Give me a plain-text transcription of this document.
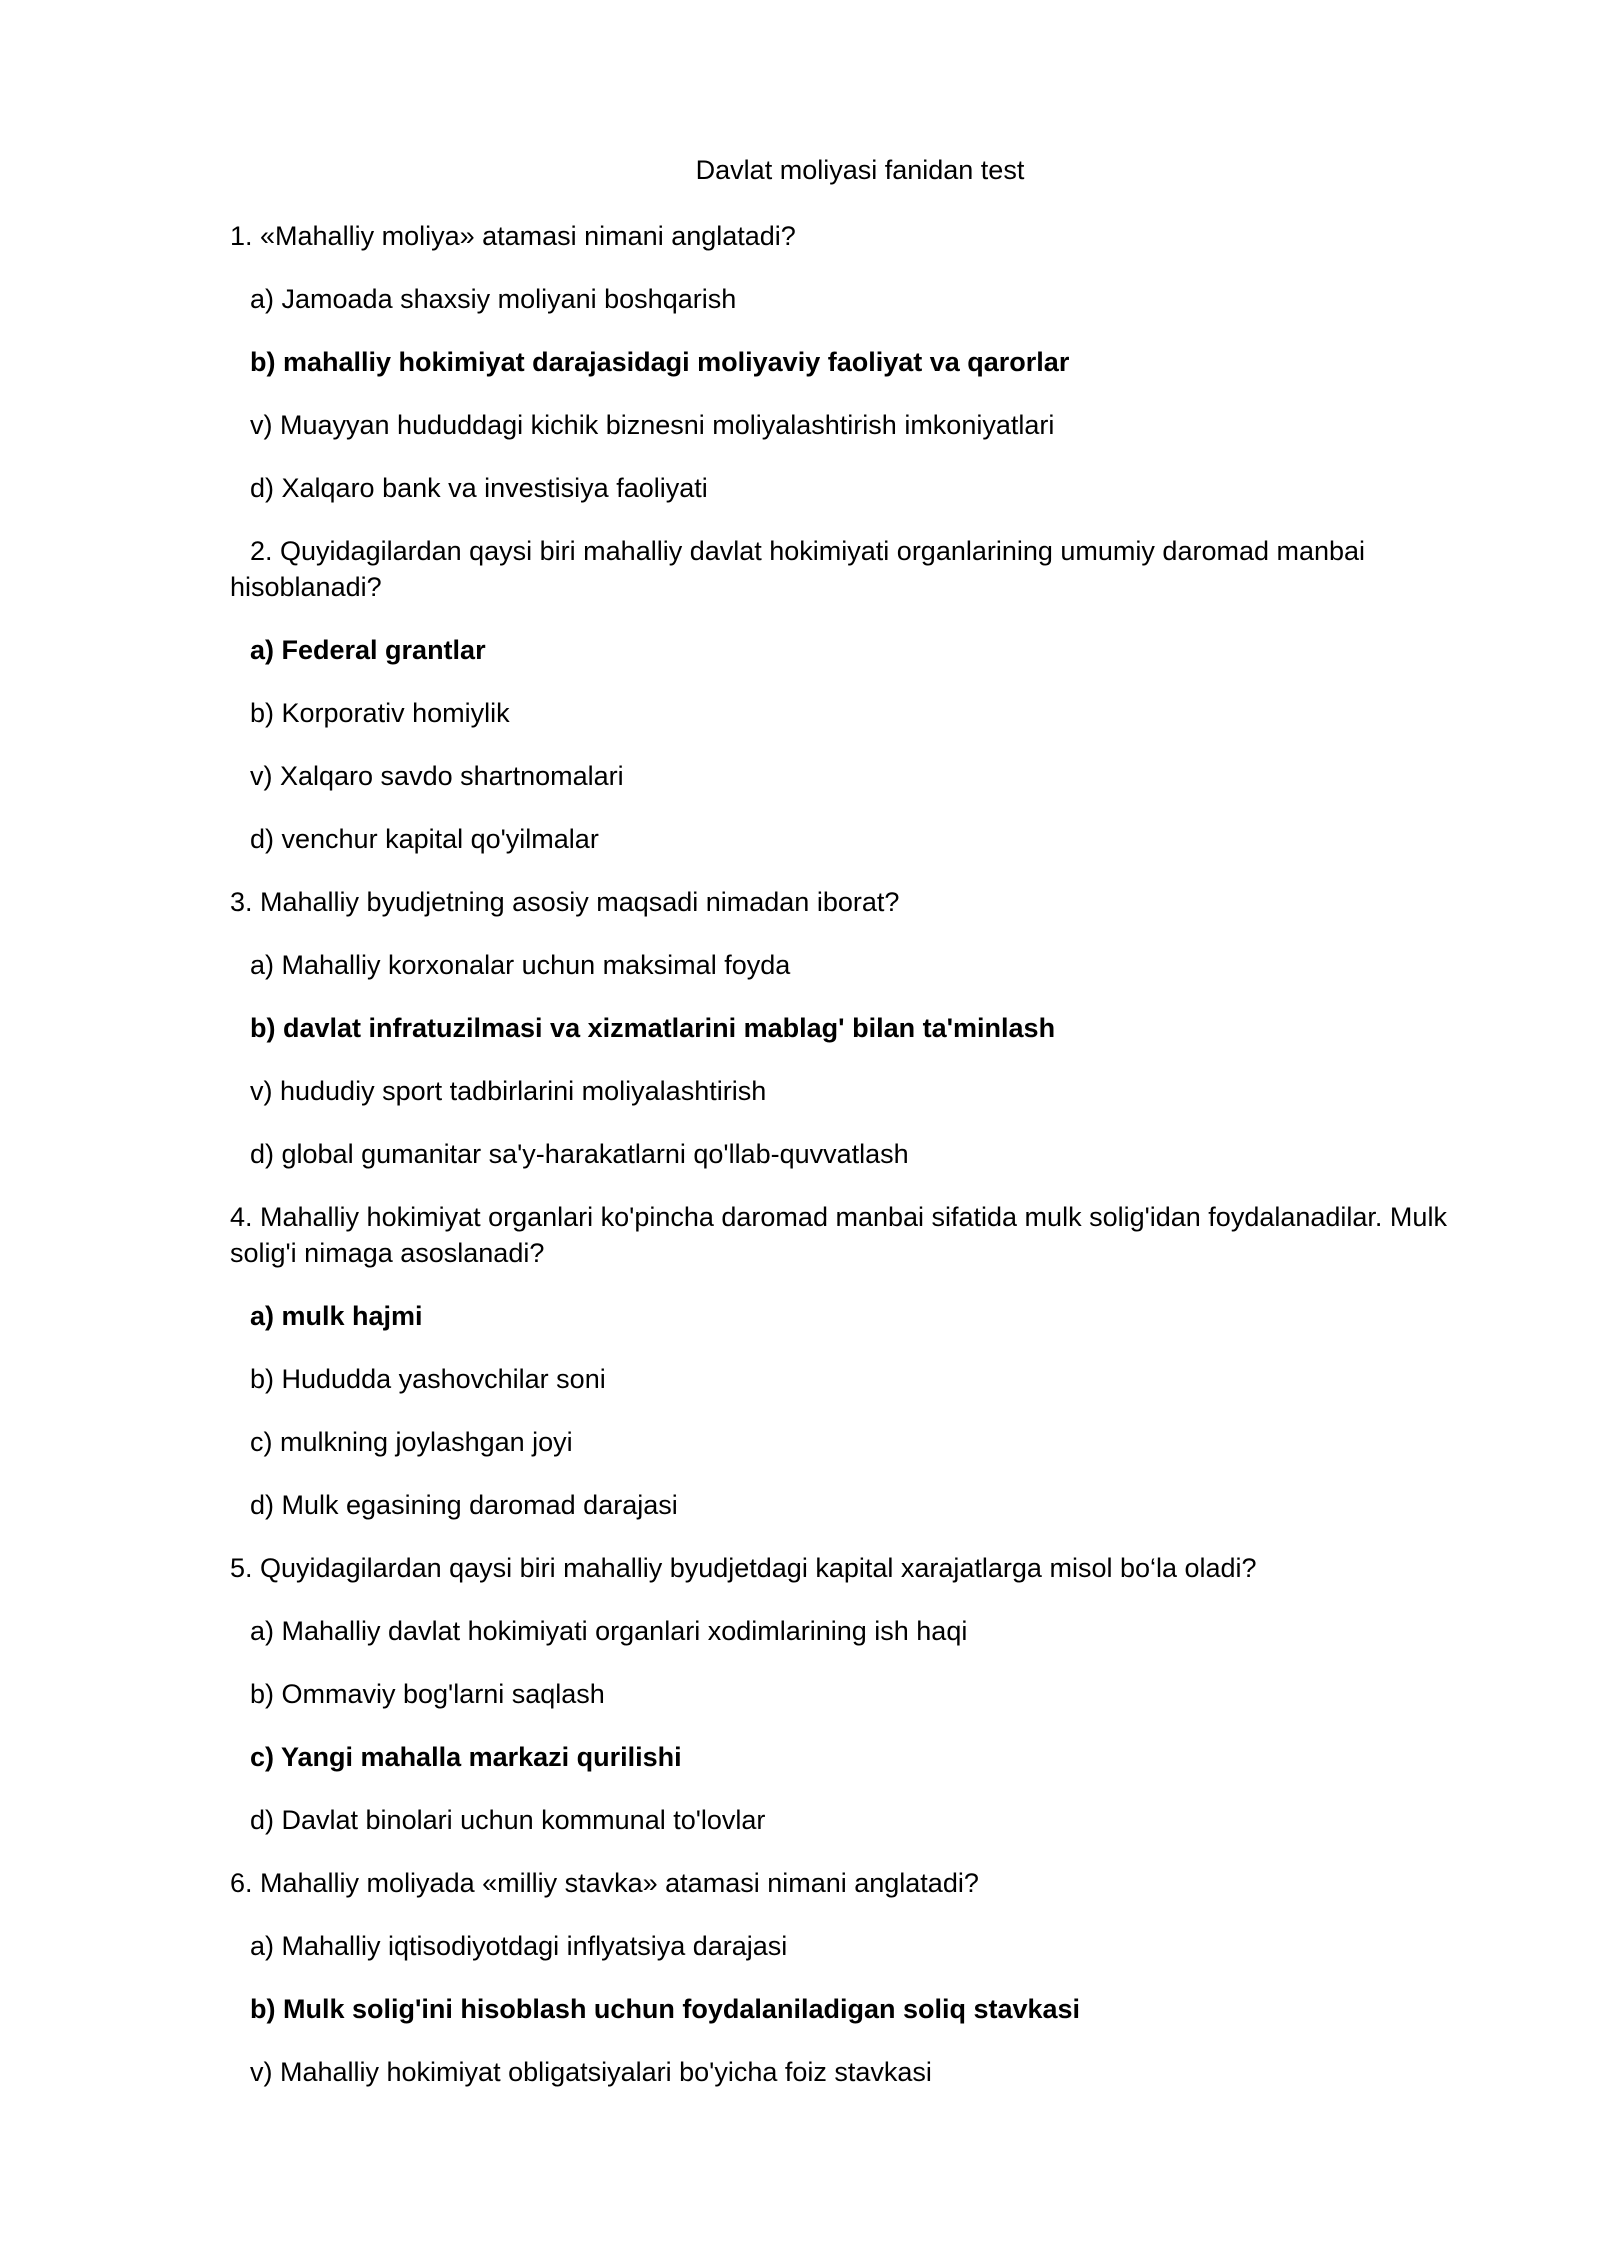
Davlat moliyasi fanidan test

1. «Mahalliy moliya» atamasi nimani anglatadi?

a) Jamoada shaxsiy moliyani boshqarish

b) mahalliy hokimiyat darajasidagi moliyaviy faoliyat va qarorlar

v) Muayyan hududdagi kichik biznesni moliyalashtirish imkoniyatlari

d) Xalqaro bank va investisiya faoliyati

2. Quyidagilardan qaysi biri mahalliy davlat hokimiyati organlarining umumiy daromad manbai hisoblanadi?

a) Federal grantlar

b) Korporativ homiylik

v) Xalqaro savdo shartnomalari

d) venchur kapital qo'yilmalar

3. Mahalliy byudjetning asosiy maqsadi nimadan iborat?

a) Mahalliy korxonalar uchun maksimal foyda

b) davlat infratuzilmasi va xizmatlarini mablag' bilan ta'minlash

v) hududiy sport tadbirlarini moliyalashtirish

d) global gumanitar sa'y-harakatlarni qo'llab-quvvatlash

4. Mahalliy hokimiyat organlari ko'pincha daromad manbai sifatida mulk solig'idan foydalanadilar. Mulk solig'i nimaga asoslanadi?

a) mulk hajmi

b) Hududda yashovchilar soni

c) mulkning joylashgan joyi

d) Mulk egasining daromad darajasi

5. Quyidagilardan qaysi biri mahalliy byudjetdagi kapital xarajatlarga misol bo‘la oladi?

a) Mahalliy davlat hokimiyati organlari xodimlarining ish haqi

b) Ommaviy bog'larni saqlash

c) Yangi mahalla markazi qurilishi

d) Davlat binolari uchun kommunal to'lovlar

6. Mahalliy moliyada «milliy stavka» atamasi nimani anglatadi?

a) Mahalliy iqtisodiyotdagi inflyatsiya darajasi

b) Mulk solig'ini hisoblash uchun foydalaniladigan soliq stavkasi

v) Mahalliy hokimiyat obligatsiyalari bo'yicha foiz stavkasi
